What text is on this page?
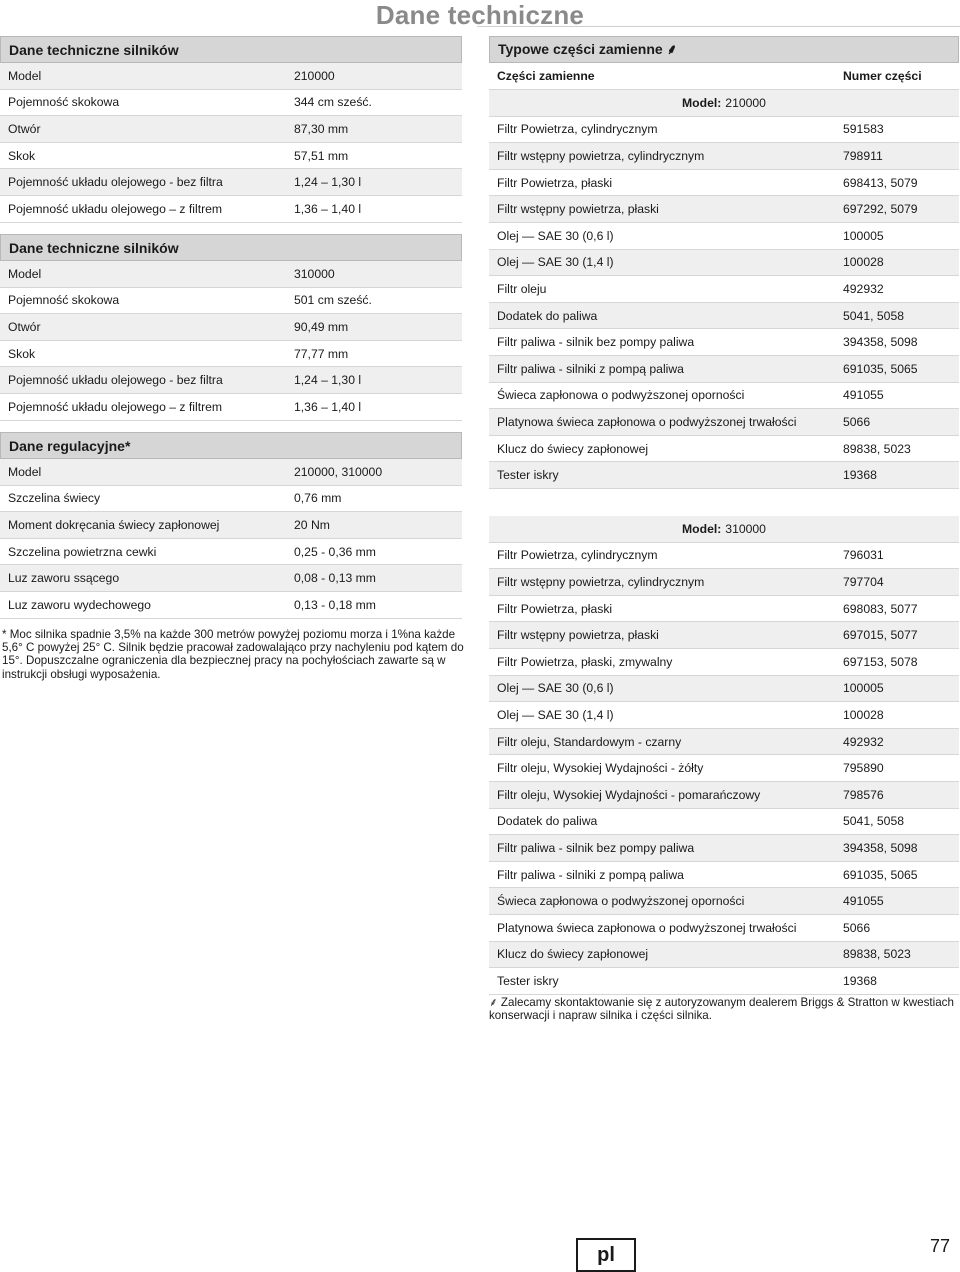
Dane techniczne
Dane techniczne silników
Model	210000
Pojemność skokowa	344 cm sześć.
Otwór	87,30 mm
Skok	57,51 mm
Pojemność układu olejowego - bez filtra	1,24 – 1,30 l
Pojemność układu olejowego – z filtrem	1,36 – 1,40 l
Dane techniczne silników
Model	310000
Pojemność skokowa	501 cm sześć.
Otwór	90,49 mm
Skok	77,77 mm
Pojemność układu olejowego - bez filtra	1,24 – 1,30 l
Pojemność układu olejowego – z filtrem	1,36 – 1,40 l
Dane regulacyjne*
Model	210000, 310000
Szczelina świecy	0,76 mm
Moment dokręcania świecy zapłonowej	20 Nm
Szczelina powietrzna cewki	0,25 - 0,36 mm
Luz zaworu ssącego	0,08 - 0,13 mm
Luz zaworu wydechowego	0,13 - 0,18 mm
* Moc silnika spadnie 3,5% na każde 300 metrów powyżej poziomu morza i 1%na każde 5,6° C powyżej 25° C. Silnik będzie pracował zadowalająco przy nachyleniu pod kątem do 15°. Dopuszczalne ograniczenia dla bezpiecznej pracy na pochyłościach zawarte są w instrukcji obsługi wyposażenia.
Typowe części zamienne ⸙
Części zamienne	Numer części
Model: 210000
Filtr Powietrza, cylindrycznym	591583
Filtr wstępny powietrza, cylindrycznym	798911
Filtr Powietrza, płaski	698413, 5079
Filtr wstępny powietrza, płaski	697292, 5079
Olej — SAE 30 (0,6 l)	100005
Olej — SAE 30 (1,4 l)	100028
Filtr oleju	492932
Dodatek do paliwa	5041, 5058
Filtr paliwa - silnik bez pompy paliwa	394358, 5098
Filtr paliwa - silniki z pompą paliwa	691035, 5065
Świeca zapłonowa o podwyższonej oporności	491055
Platynowa świeca zapłonowa o podwyższonej trwałości	5066
Klucz do świecy zapłonowej	89838, 5023
Tester iskry	19368
Model: 310000
Filtr Powietrza, cylindrycznym	796031
Filtr wstępny powietrza, cylindrycznym	797704
Filtr Powietrza, płaski	698083, 5077
Filtr wstępny powietrza, płaski	697015, 5077
Filtr Powietrza, płaski, zmywalny	697153, 5078
Olej — SAE 30 (0,6 l)	100005
Olej — SAE 30 (1,4 l)	100028
Filtr oleju, Standardowym - czarny	492932
Filtr oleju, Wysokiej Wydajności - żółty	795890
Filtr oleju, Wysokiej Wydajności - pomarańczowy	798576
Dodatek do paliwa	5041, 5058
Filtr paliwa - silnik bez pompy paliwa	394358, 5098
Filtr paliwa - silniki z pompą paliwa	691035, 5065
Świeca zapłonowa o podwyższonej oporności	491055
Platynowa świeca zapłonowa o podwyższonej trwałości	5066
Klucz do świecy zapłonowej	89838, 5023
Tester iskry	19368
⸙ Zalecamy skontaktowanie się z autoryzowanym dealerem Briggs & Stratton w kwestiach konserwacji i napraw silnika i części silnika.
pl	77
